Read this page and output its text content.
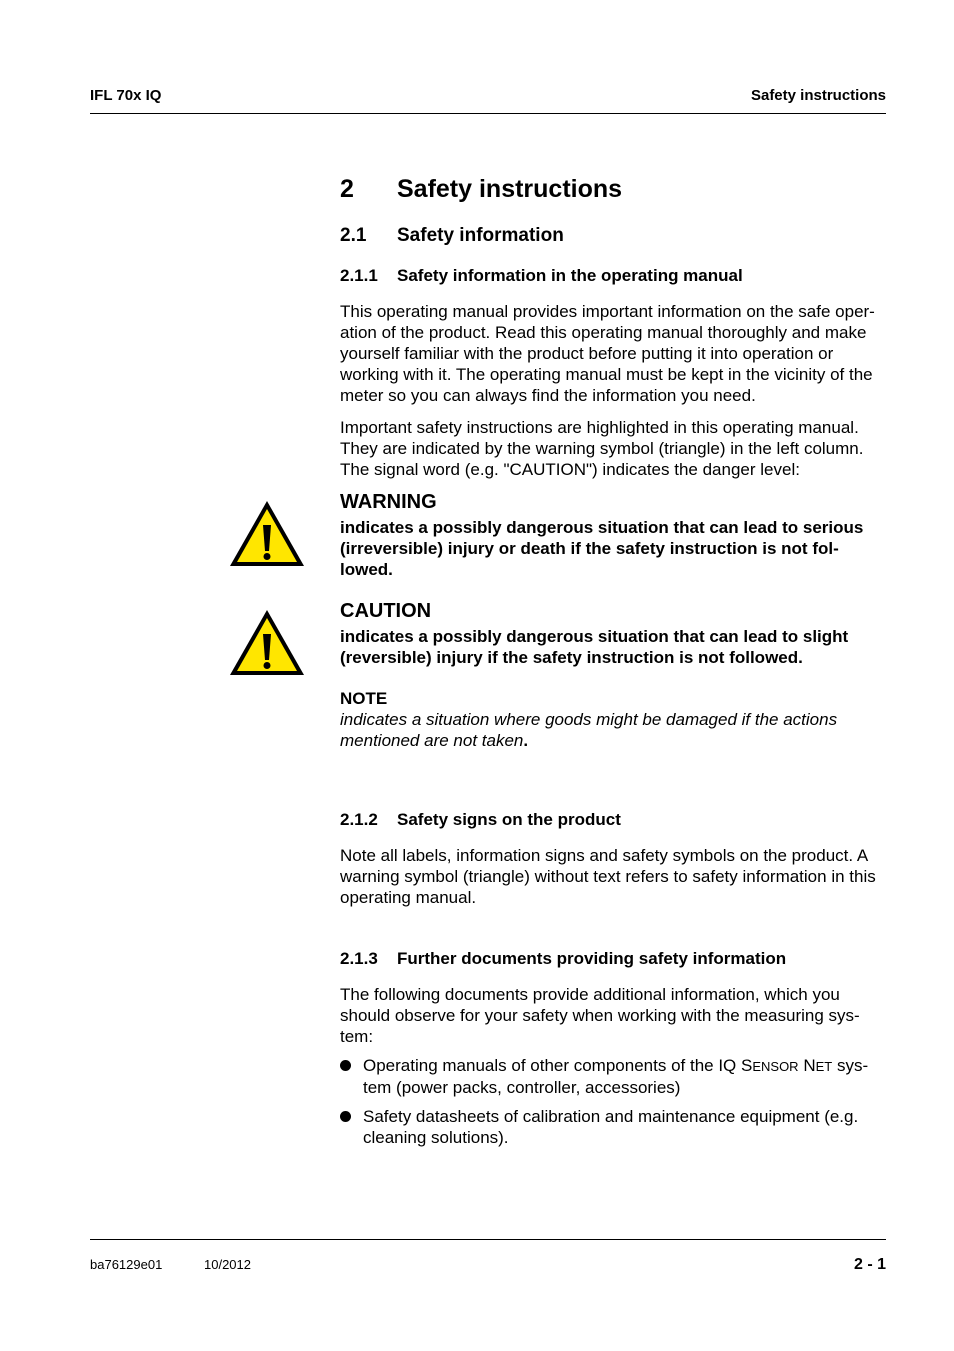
IFL 70x IQ	Safety instructions
2 Safety instructions
2.1 Safety information
2.1.1 Safety information in the operating manual

This operating manual provides important information on the safe oper-

ation of the product. Read this operating manual thoroughly and make

yourself familiar with the product before putting it into operation or

working with it. The operating manual must be kept in the vicinity of the

meter so you can always find the information you need.

Important safety instructions are highlighted in this operating manual.

They are indicated by the warning symbol (triangle) in the left column.

The signal word (e.g. "CAUTION") indicates the danger level:

WARNING

indicates a possibly dangerous situation that can lead to serious

(irreversible) injury or death if the safety instruction is not fol-

lowed.

CAUTION

indicates a possibly dangerous situation that can lead to slight

(reversible) injury if the safety instruction is not followed.

NOTE

indicates a situation where goods might be damaged if the actions

mentioned are not taken.

2.1.2 Safety signs on the product

Note all labels, information signs and safety symbols on the product. A

warning symbol (triangle) without text refers to safety information in this

operating manual.

2.1.3 Further documents providing safety information

The following documents provide additional information, which you

should observe for your safety when working with the measuring sys-

tem:

Operating manuals of other components of the IQ SENSOR NET sys-

tem (power packs, controller, accessories)

Safety datasheets of calibration and maintenance equipment (e.g.

cleaning solutions).

ba76129e01	10/2012	2 - 1
